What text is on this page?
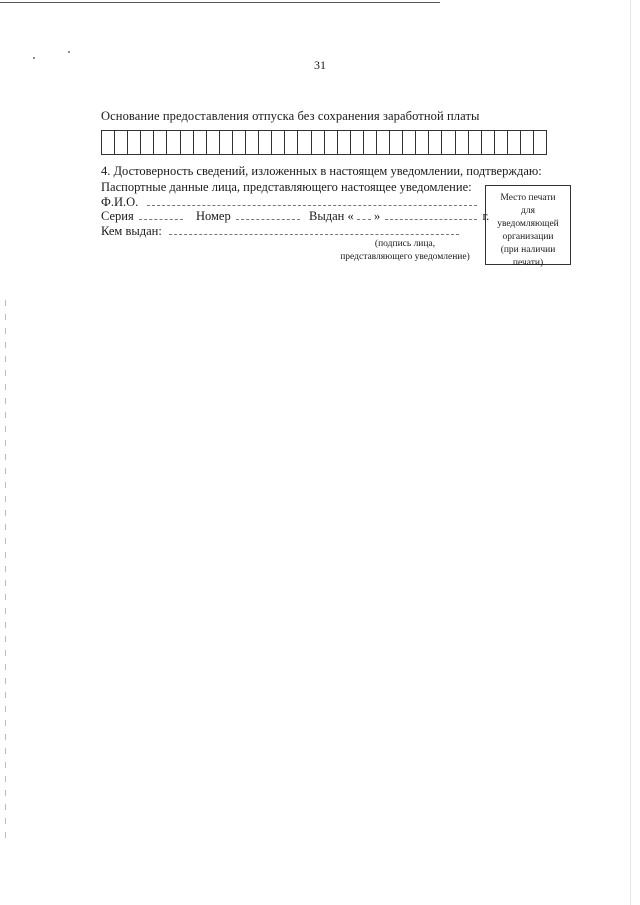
31
Основание предоставления отпуска без сохранения заработной платы
4. Достоверность сведений, изложенных в настоящем уведомлении, подтверждаю:
Паспортные данные лица, представляющего настоящее уведомление:
Ф.И.О.
Серия	Номер	Выдан « »	г.
Кем выдан:
(подпись лица,
представляющего уведомление)
Место печати
для
уведомляющей
организации
(при наличии
печати)
